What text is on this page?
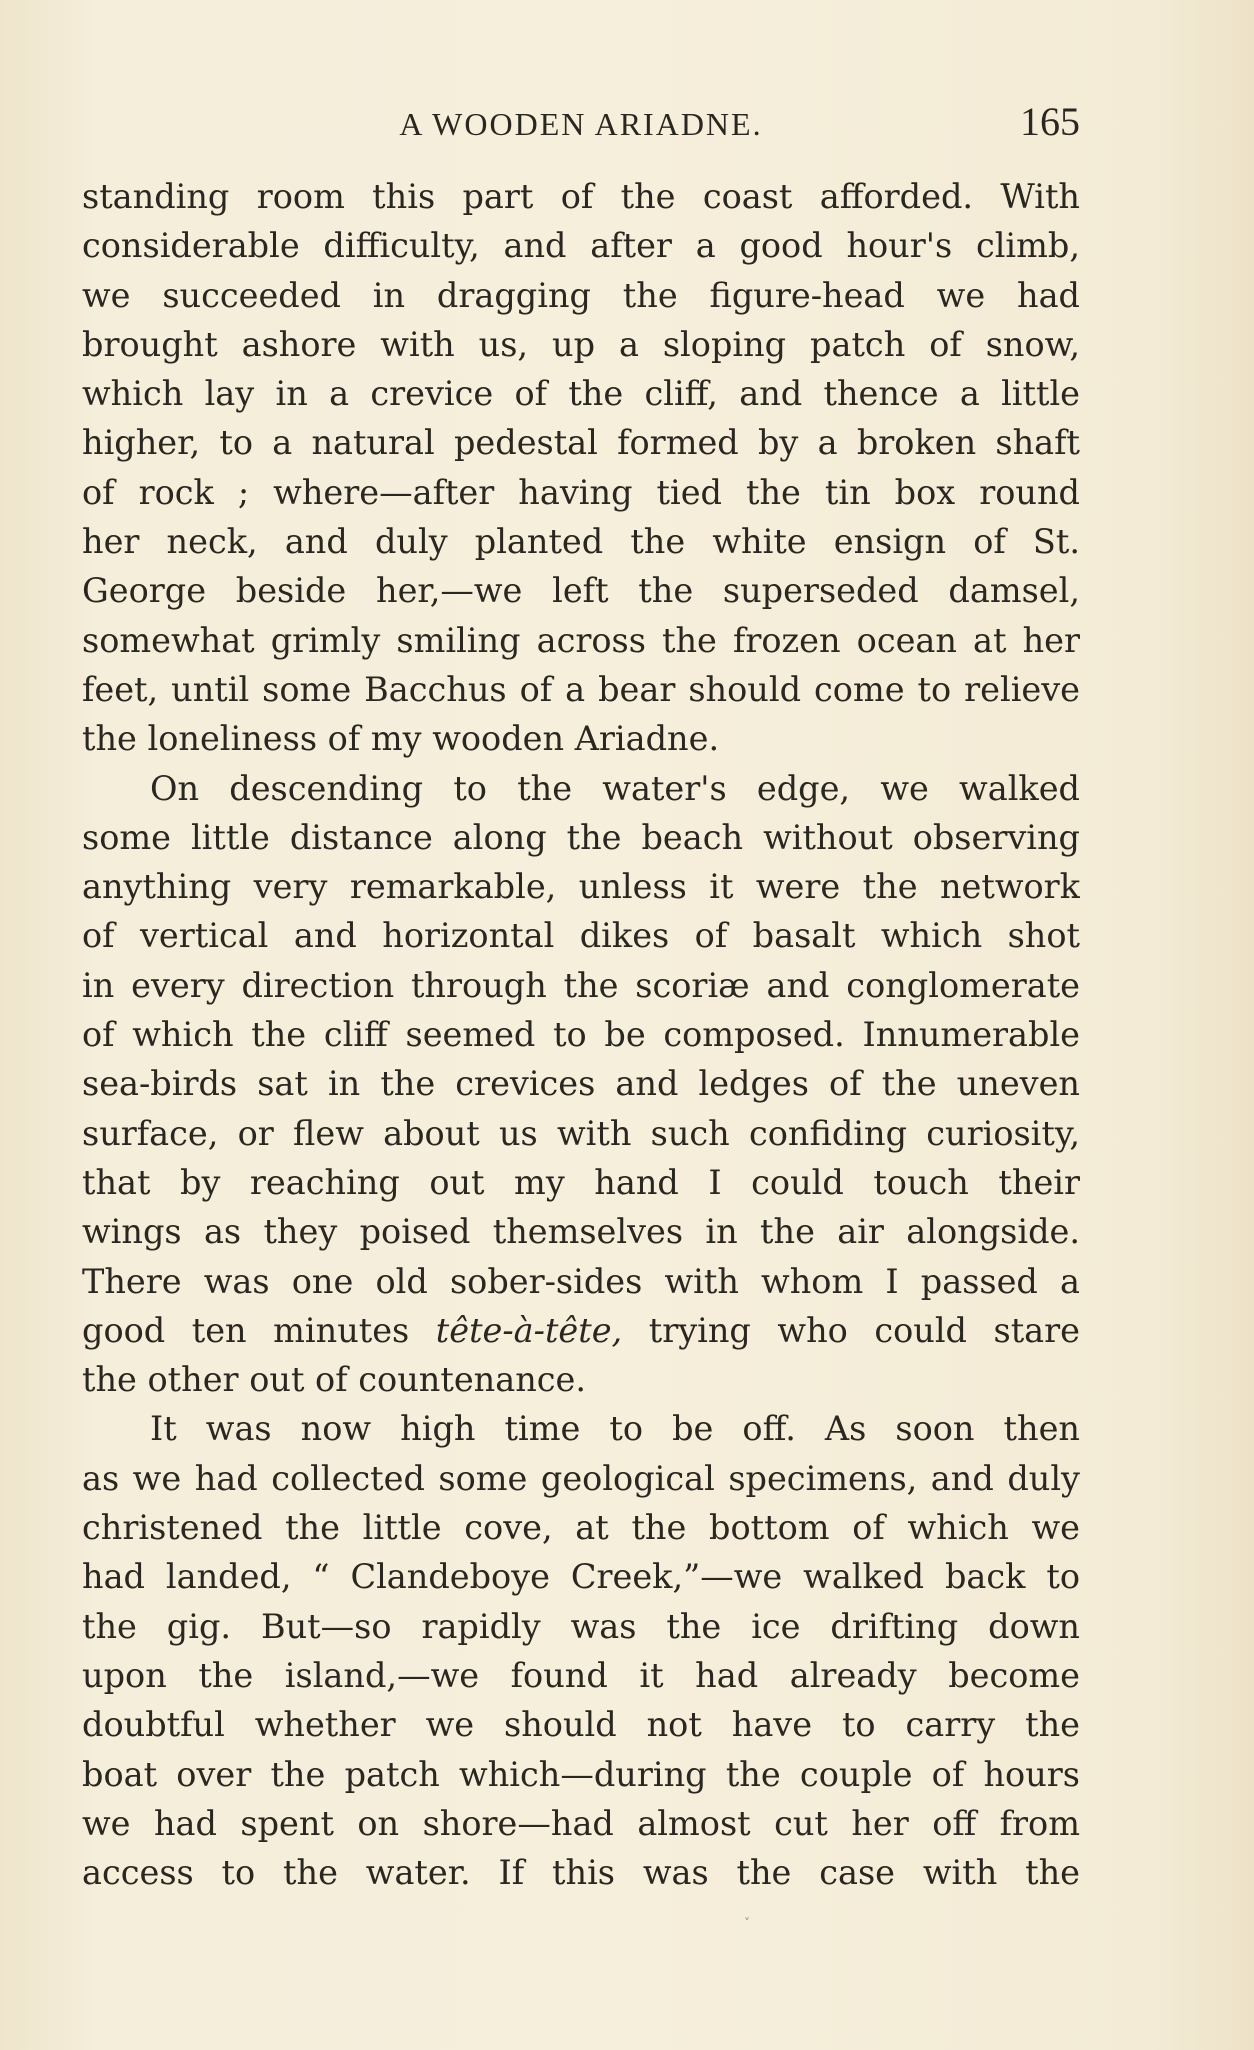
A WOODEN ARIADNE.	165
standing room this part of the coast afforded. With
considerable difficulty, and after a good hour's climb,
we succeeded in dragging the figure-head we had
brought ashore with us, up a sloping patch of snow,
which lay in a crevice of the cliff, and thence a little
higher, to a natural pedestal formed by a broken shaft
of rock ; where—after having tied the tin box round
her neck, and duly planted the white ensign of St.
George beside her,—we left the superseded damsel,
somewhat grimly smiling across the frozen ocean at her
feet, until some Bacchus of a bear should come to relieve
the loneliness of my wooden Ariadne.
On descending to the water's edge, we walked
some little distance along the beach without observing
anything very remarkable, unless it were the network
of vertical and horizontal dikes of basalt which shot
in every direction through the scoriæ and conglomerate
of which the cliff seemed to be composed. Innumerable
sea-birds sat in the crevices and ledges of the uneven
surface, or flew about us with such confiding curiosity,
that by reaching out my hand I could touch their
wings as they poised themselves in the air alongside.
There was one old sober-sides with whom I passed a
good ten minutes tête-à-tête, trying who could stare
the other out of countenance.
It was now high time to be off. As soon then
as we had collected some geological specimens, and duly
christened the little cove, at the bottom of which we
had landed, “ Clandeboye Creek,”—we walked back to
the gig. But—so rapidly was the ice drifting down
upon the island,—we found it had already become
doubtful whether we should not have to carry the
boat over the patch which—during the couple of hours
we had spent on shore—had almost cut her off from
access to the water. If this was the case with the
˅
